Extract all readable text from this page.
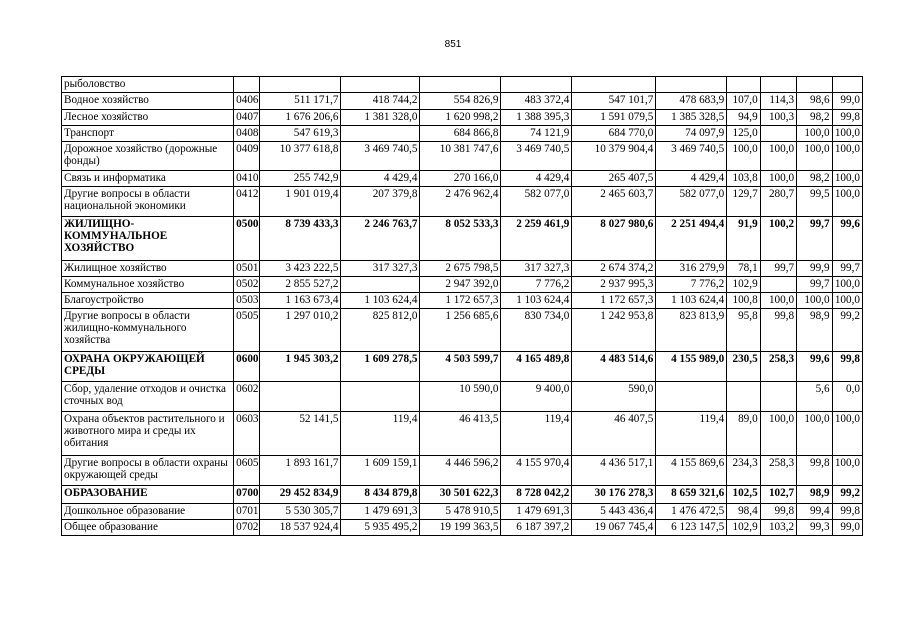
851
рыболовство											
Водное хозяйство	0406	511 171,7	418 744,2	554 826,9	483 372,4	547 101,7	478 683,9	107,0	114,3	98,6	99,0
Лесное хозяйство	0407	1 676 206,6	1 381 328,0	1 620 998,2	1 388 395,3	1 591 079,5	1 385 328,5	94,9	100,3	98,2	99,8
Транспорт	0408	547 619,3		684 866,8	74 121,9	684 770,0	74 097,9	125,0		100,0	100,0
Дорожное хозяйство (дорожные фонды)	0409	10 377 618,8	3 469 740,5	10 381 747,6	3 469 740,5	10 379 904,4	3 469 740,5	100,0	100,0	100,0	100,0
Связь и информатика	0410	255 742,9	4 429,4	270 166,0	4 429,4	265 407,5	4 429,4	103,8	100,0	98,2	100,0
Другие вопросы в области национальной экономики	0412	1 901 019,4	207 379,8	2 476 962,4	582 077,0	2 465 603,7	582 077,0	129,7	280,7	99,5	100,0
ЖИЛИЩНО-КОММУНАЛЬНОЕ ХОЗЯЙСТВО	0500	8 739 433,3	2 246 763,7	8 052 533,3	2 259 461,9	8 027 980,6	2 251 494,4	91,9	100,2	99,7	99,6
Жилищное хозяйство	0501	3 423 222,5	317 327,3	2 675 798,5	317 327,3	2 674 374,2	316 279,9	78,1	99,7	99,9	99,7
Коммунальное хозяйство	0502	2 855 527,2		2 947 392,0	7 776,2	2 937 995,3	7 776,2	102,9		99,7	100,0
Благоустройство	0503	1 163 673,4	1 103 624,4	1 172 657,3	1 103 624,4	1 172 657,3	1 103 624,4	100,8	100,0	100,0	100,0
Другие вопросы в области жилищно-коммунального хозяйства	0505	1 297 010,2	825 812,0	1 256 685,6	830 734,0	1 242 953,8	823 813,9	95,8	99,8	98,9	99,2
ОХРАНА ОКРУЖАЮЩЕЙ СРЕДЫ	0600	1 945 303,2	1 609 278,5	4 503 599,7	4 165 489,8	4 483 514,6	4 155 989,0	230,5	258,3	99,6	99,8
Сбор, удаление отходов и очистка сточных вод	0602			10 590,0	9 400,0	590,0				5,6	0,0
Охрана объектов растительного и животного мира и среды их обитания	0603	52 141,5	119,4	46 413,5	119,4	46 407,5	119,4	89,0	100,0	100,0	100,0
Другие вопросы в области охраны окружающей среды	0605	1 893 161,7	1 609 159,1	4 446 596,2	4 155 970,4	4 436 517,1	4 155 869,6	234,3	258,3	99,8	100,0
ОБРАЗОВАНИЕ	0700	29 452 834,9	8 434 879,8	30 501 622,3	8 728 042,2	30 176 278,3	8 659 321,6	102,5	102,7	98,9	99,2
Дошкольное образование	0701	5 530 305,7	1 479 691,3	5 478 910,5	1 479 691,3	5 443 436,4	1 476 472,5	98,4	99,8	99,4	99,8
Общее образование	0702	18 537 924,4	5 935 495,2	19 199 363,5	6 187 397,2	19 067 745,4	6 123 147,5	102,9	103,2	99,3	99,0
